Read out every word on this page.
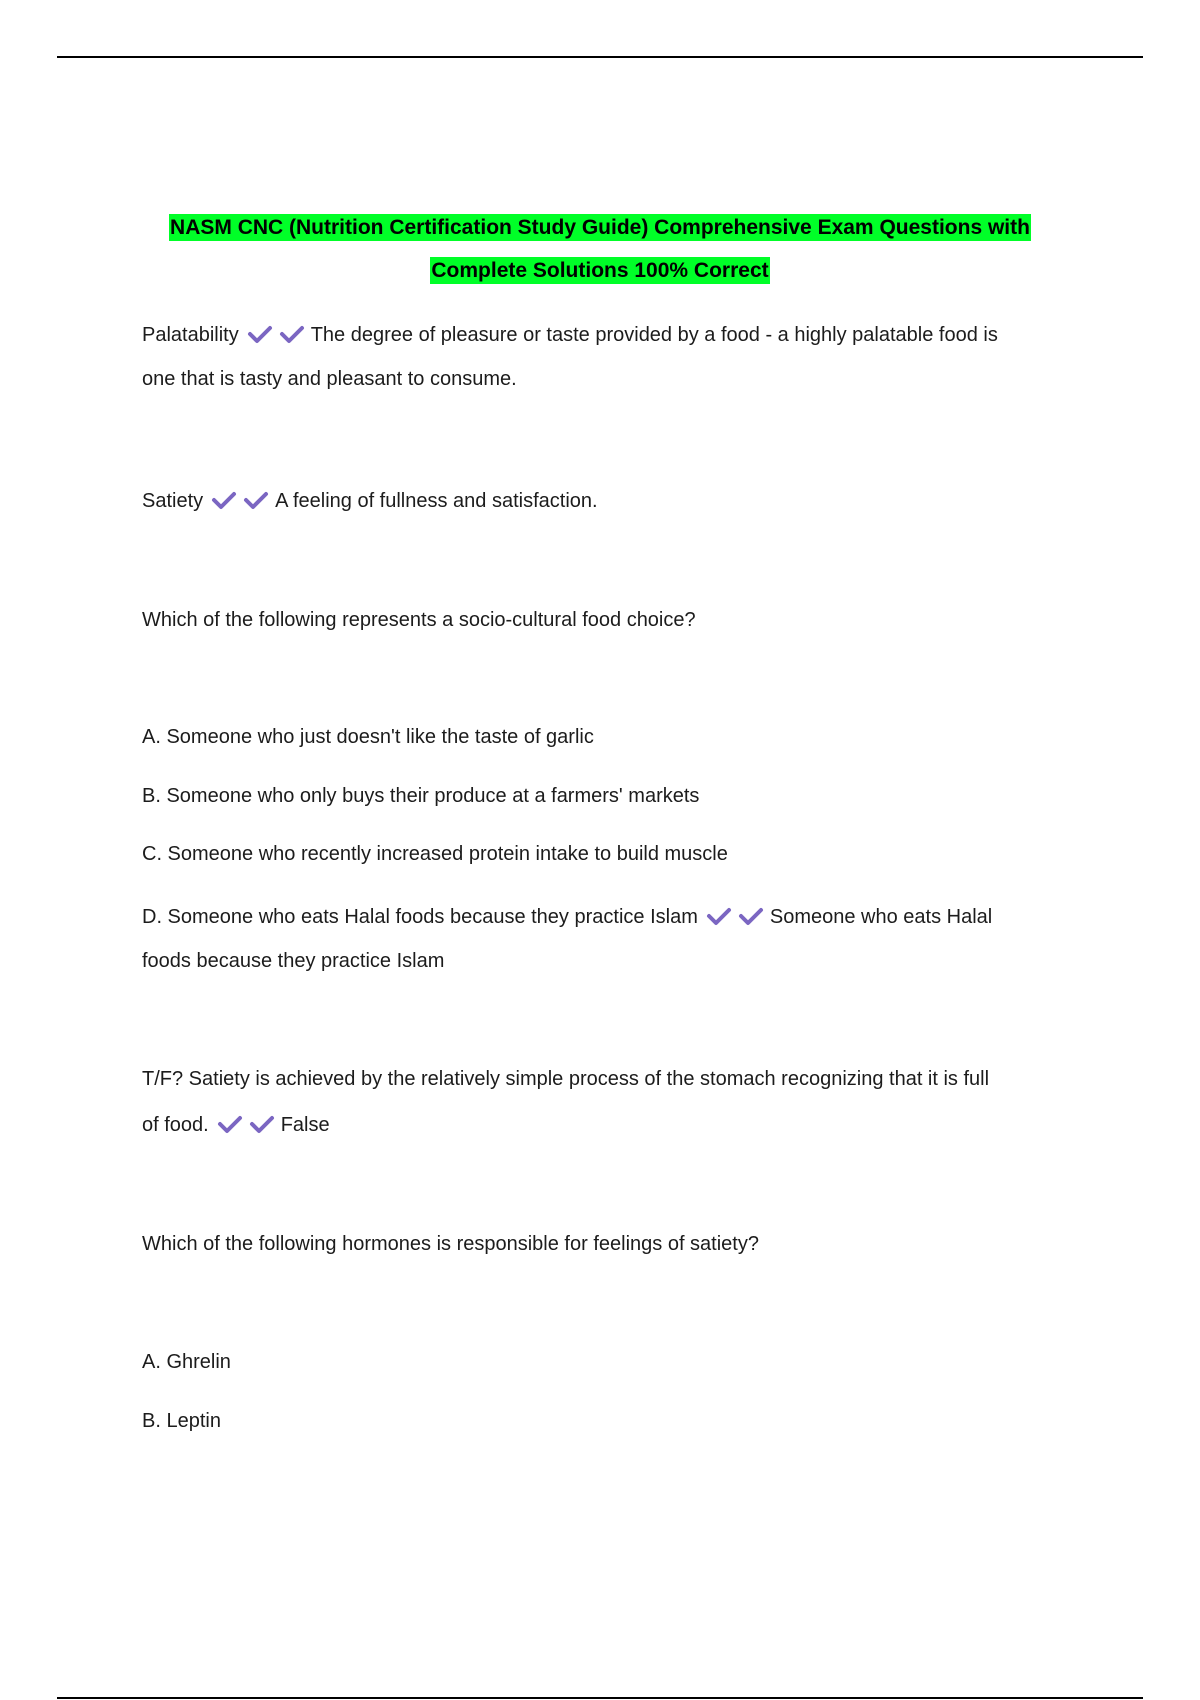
NASM CNC (Nutrition Certification Study Guide) Comprehensive Exam Questions with
Complete Solutions 100% Correct
Palatability	The degree of pleasure or taste provided by a food - a highly palatable food is
one that is tasty and pleasant to consume.
Satiety	A feeling of fullness and satisfaction.
Which of the following represents a socio-cultural food choice?
A. Someone who just doesn't like the taste of garlic
B. Someone who only buys their produce at a farmers' markets
C. Someone who recently increased protein intake to build muscle
D. Someone who eats Halal foods because they practice Islam	Someone who eats Halal
foods because they practice Islam
T/F? Satiety is achieved by the relatively simple process of the stomach recognizing that it is full
of food.	False
Which of the following hormones is responsible for feelings of satiety?
A. Ghrelin
B. Leptin
